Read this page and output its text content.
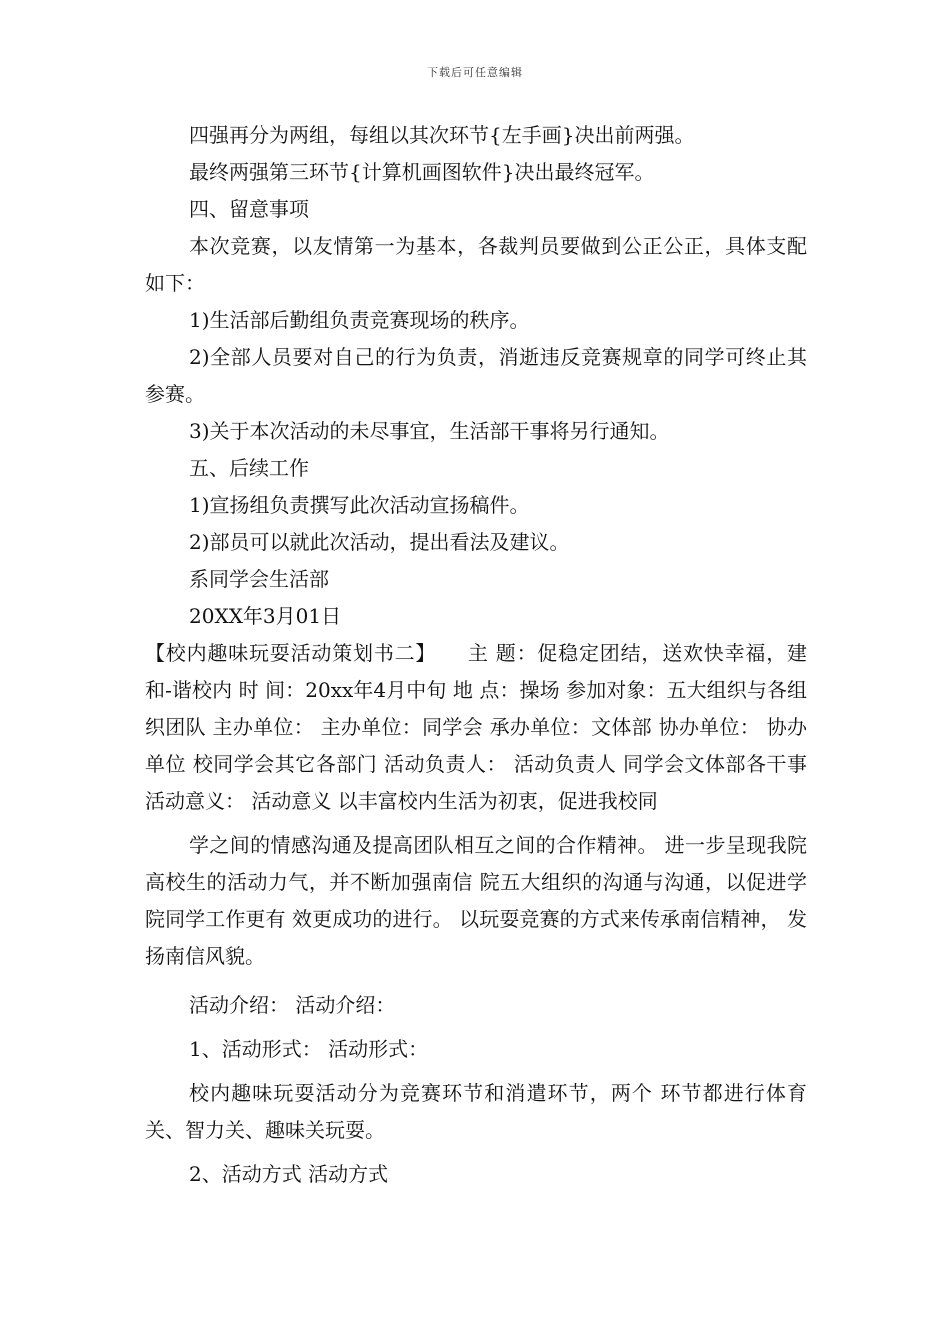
下载后可任意编辑

四强再分为两组，每组以其次环节{左手画}决出前两强。

最终两强第三环节{计算机画图软件}决出最终冠军。

四、留意事项

本次竞赛，以友情第一为基本，各裁判员要做到公正公正，具体支配如下：

1)生活部后勤组负责竞赛现场的秩序。

2)全部人员要对自己的行为负责，消逝违反竞赛规章的同学可终止其参赛。

3)关于本次活动的未尽事宜，生活部干事将另行通知。

五、后续工作

1)宣扬组负责撰写此次活动宣扬稿件。

2)部员可以就此次活动，提出看法及建议。

系同学会生活部

20XX年3月01日

【校内趣味玩耍活动策划书二】　　主 题：促稳定团结，送欢快幸福，建和-谐校内 时 间：20xx年4月中旬 地 点：操场 参加对象：五大组织与各组织团队 主办单位： 主办单位：同学会 承办单位：文体部 协办单位： 协办单位 校同学会其它各部门 活动负责人： 活动负责人 同学会文体部各干事 活动意义： 活动意义 以丰富校内生活为初衷，促进我校同

学之间的情感沟通及提高团队相互之间的合作精神。 进一步呈现我院高校生的活动力气，并不断加强南信 院五大组织的沟通与沟通，以促进学院同学工作更有 效更成功的进行。 以玩耍竞赛的方式来传承南信精神， 发扬南信风貌。

活动介绍： 活动介绍：

1、活动形式： 活动形式：

校内趣味玩耍活动分为竞赛环节和消遣环节，两个 环节都进行体育关、智力关、趣味关玩耍。

2、活动方式 活动方式
